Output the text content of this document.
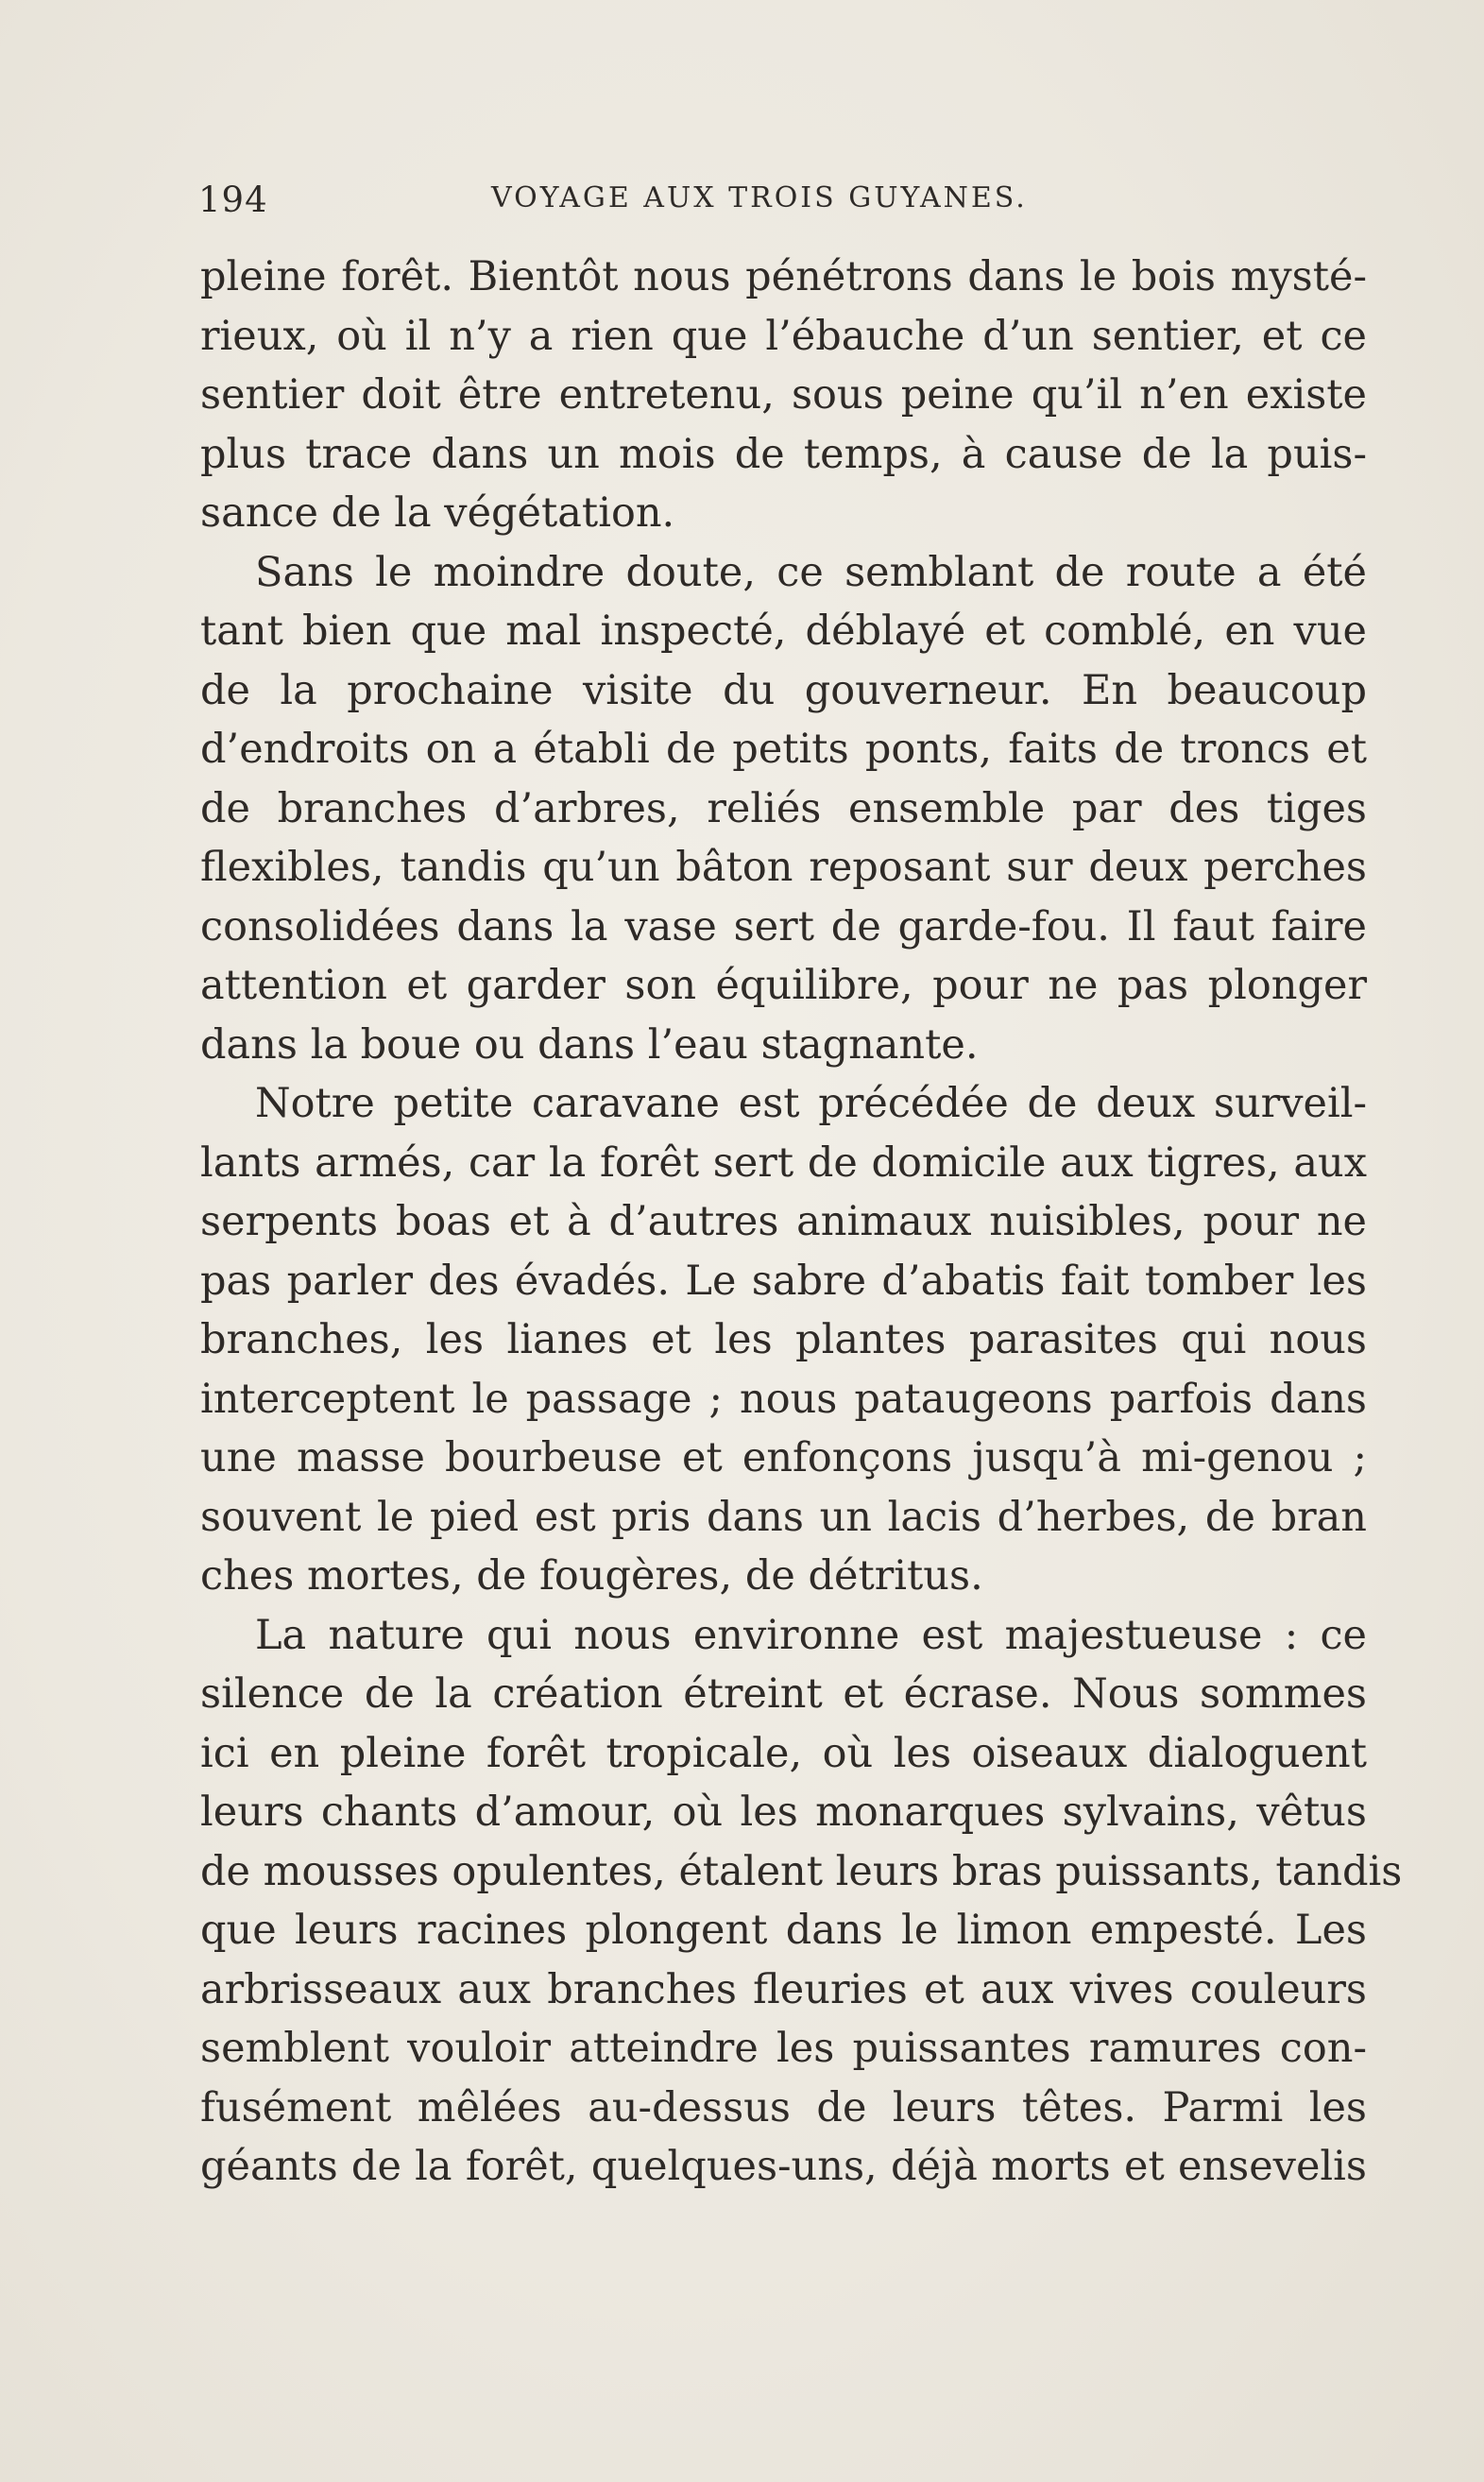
194	VOYAGE AUX TROIS GUYANES.
pleine forêt. Bientôt nous pénétrons dans le bois mysté-
rieux, où il n’y a rien que l’ébauche d’un sentier, et ce
sentier doit être entretenu, sous peine qu’il n’en existe
plus trace dans un mois de temps, à cause de la puis-
sance de la végétation.
Sans le moindre doute, ce semblant de route a été
tant bien que mal inspecté, déblayé et comblé, en vue
de la prochaine visite du gouverneur. En beaucoup
d’endroits on a établi de petits ponts, faits de troncs et
de branches d’arbres, reliés ensemble par des tiges
flexibles, tandis qu’un bâton reposant sur deux perches
consolidées dans la vase sert de garde-fou. Il faut faire
attention et garder son équilibre, pour ne pas plonger
dans la boue ou dans l’eau stagnante.
Notre petite caravane est précédée de deux surveil-
lants armés, car la forêt sert de domicile aux tigres, aux
serpents boas et à d’autres animaux nuisibles, pour ne
pas parler des évadés. Le sabre d’abatis fait tomber les
branches, les lianes et les plantes parasites qui nous
interceptent le passage ; nous pataugeons parfois dans
une masse bourbeuse et enfonçons jusqu’à mi-genou ;
souvent le pied est pris dans un lacis d’herbes, de bran
ches mortes, de fougères, de détritus.
La nature qui nous environne est majestueuse : ce
silence de la création étreint et écrase. Nous sommes
ici en pleine forêt tropicale, où les oiseaux dialoguent
leurs chants d’amour, où les monarques sylvains, vêtus
de mousses opulentes, étalent leurs bras puissants, tandis
que leurs racines plongent dans le limon empesté. Les
arbrisseaux aux branches fleuries et aux vives couleurs
semblent vouloir atteindre les puissantes ramures con-
fusément mêlées au-dessus de leurs têtes. Parmi les
géants de la forêt, quelques-uns, déjà morts et ensevelis
